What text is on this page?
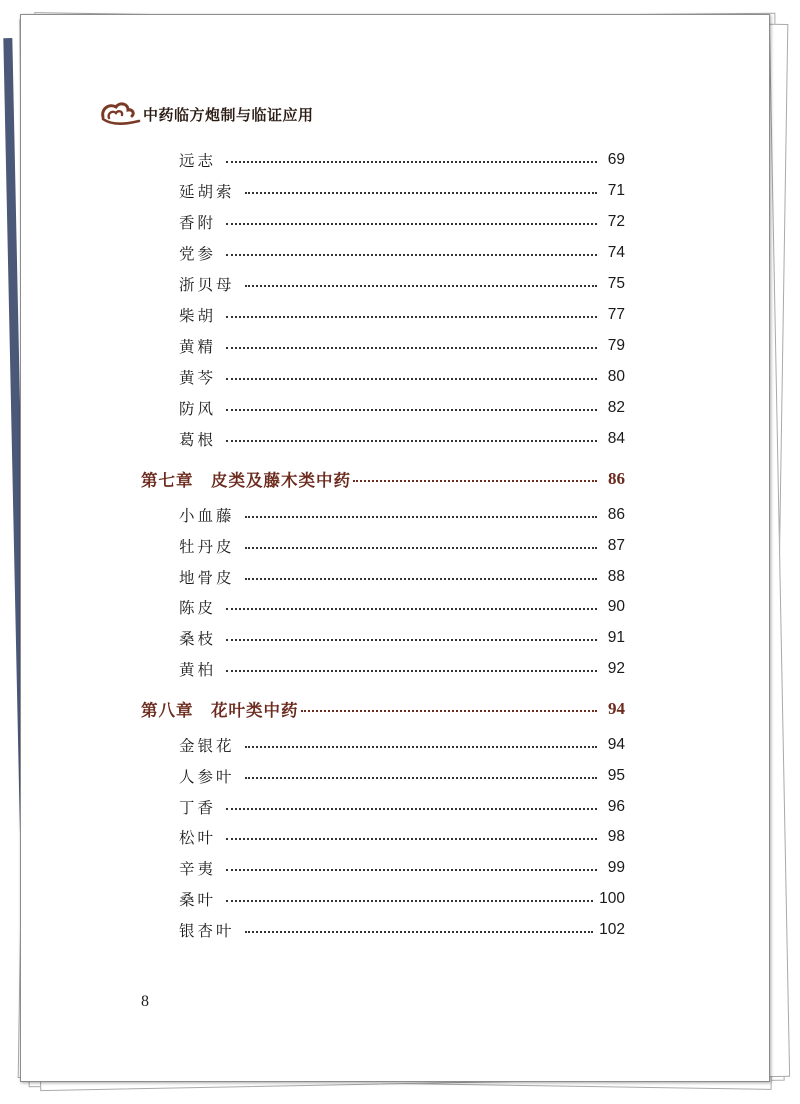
中药临方炮制与临证应用
远志	69
延胡索	71
香附	72
党参	74
浙贝母	75
柴胡	77
黄精	79
黄芩	80
防风	82
葛根	84
第七章　皮类及藤木类中药	86
小血藤	86
牡丹皮	87
地骨皮	88
陈皮	90
桑枝	91
黄柏	92
第八章　花叶类中药	94
金银花	94
人参叶	95
丁香	96
松叶	98
辛夷	99
桑叶	100
银杏叶	102
8
